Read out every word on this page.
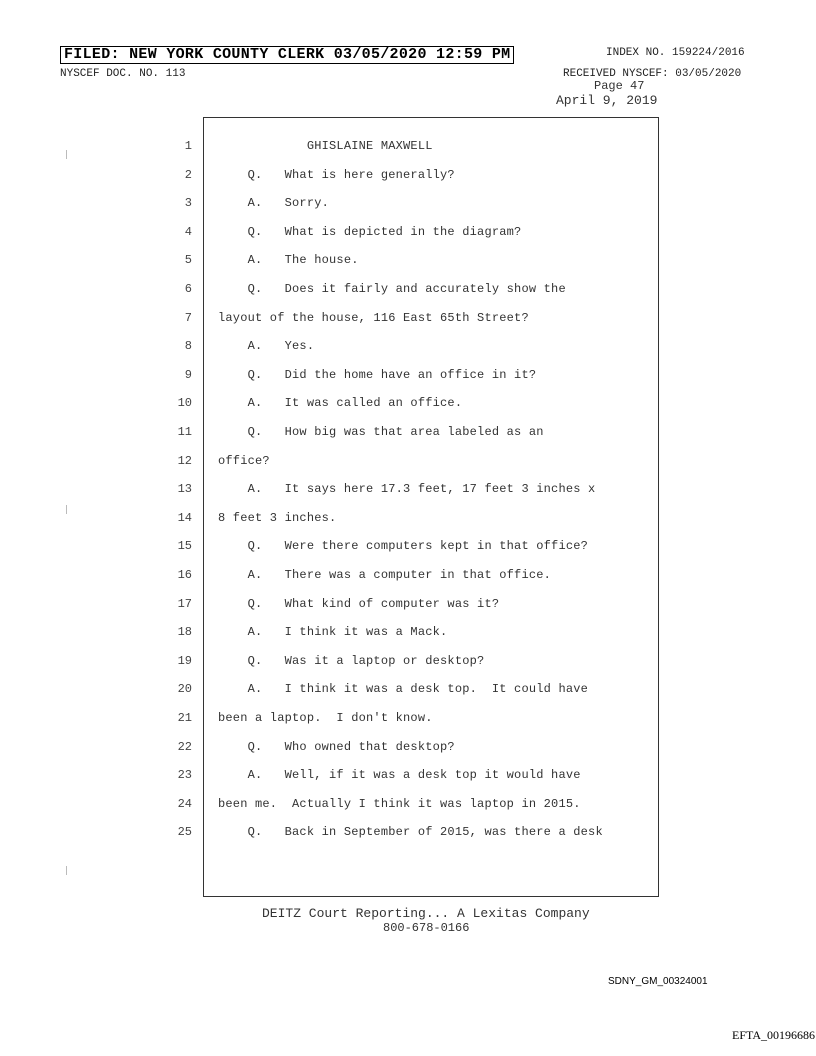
FILED: NEW YORK COUNTY CLERK 03/05/2020 12:59 PM	INDEX NO. 159224/2016
NYSCEF DOC. NO. 113	RECEIVED NYSCEF: 03/05/2020
Page 47
April 9, 2019
1 GHISLAINE MAXWELL
2 Q.   What is here generally?
3 A.   Sorry.
4 Q.   What is depicted in the diagram?
5 A.   The house.
6 Q.   Does it fairly and accurately show the
7 layout of the house, 116 East 65th Street?
8 A.   Yes.
9 Q.   Did the home have an office in it?
10 A.   It was called an office.
11 Q.   How big was that area labeled as an
12 office?
13 A.   It says here 17.3 feet, 17 feet 3 inches x
14 8 feet 3 inches.
15 Q.   Were there computers kept in that office?
16 A.   There was a computer in that office.
17 Q.   What kind of computer was it?
18 A.   I think it was a Mack.
19 Q.   Was it a laptop or desktop?
20 A.   I think it was a desk top.  It could have
21 been a laptop.  I don't know.
22 Q.   Who owned that desktop?
23 A.   Well, if it was a desk top it would have
24 been me.  Actually I think it was laptop in 2015.
25 Q.   Back in September of 2015, was there a desk
DEITZ Court Reporting... A Lexitas Company
800-678-0166
SDNY_GM_00324001
EFTA_00196686
